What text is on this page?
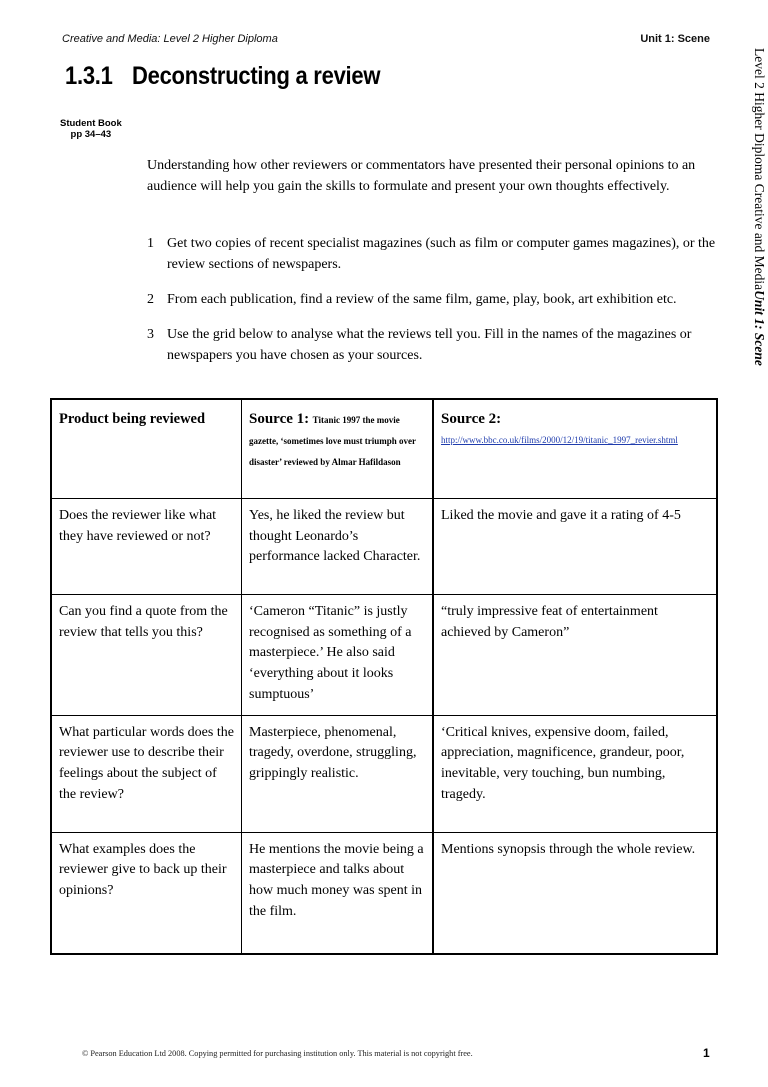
Creative and Media: Level 2 Higher Diploma	Unit 1: Scene
1.3.1 Deconstructing a review
Student Book
pp 34–43	Level 2 Higher Diploma Creative and MediaUnit 1: Scene

Understanding how other reviewers or commentators have presented their personal opinions to an audience will help you gain the skills to formulate and present your own thoughts effectively.

1 Get two copies of recent specialist magazines (such as film or computer games magazines), or the review sections of newspapers.
2 From each publication, find a review of the same film, game, play, book, art exhibition etc.
3 Use the grid below to analyse what the reviews tell you. Fill in the names of the magazines or newspapers you have chosen as your sources.
Product being reviewed	Source 1: Titanic 1997 the movie gazette, ‘sometimes love must triumph over disaster’ reviewed by Almar Hafildason	Source 2:
http://www.bbc.co.uk/films/2000/12/19/titanic_1997_revier.shtml

Does the reviewer like what they have reviewed or not?	Yes, he liked the review but thought Leonardo’s performance lacked Character.	Liked the movie and gave it a rating of 4-5
Can you find a quote from the review that tells you this?	‘Cameron “Titanic” is justly recognised as something of a masterpiece.’ He also said ‘everything about it looks sumptuous’	“truly impressive feat of entertainment achieved by Cameron”
What particular words does the reviewer use to describe their feelings about the subject of the review?	Masterpiece, phenomenal, tragedy, overdone, struggling, grippingly realistic.	‘Critical knives, expensive doom, failed, appreciation, magnificence, grandeur, poor, inevitable, very touching, bun numbing, tragedy.
What examples does the reviewer give to back up their opinions?	He mentions the movie being a masterpiece and talks about how much money was spent in the film.	Mentions synopsis through the whole review.
© Pearson Education Ltd 2008. Copying permitted for purchasing institution only. This material is not copyright free.	1
